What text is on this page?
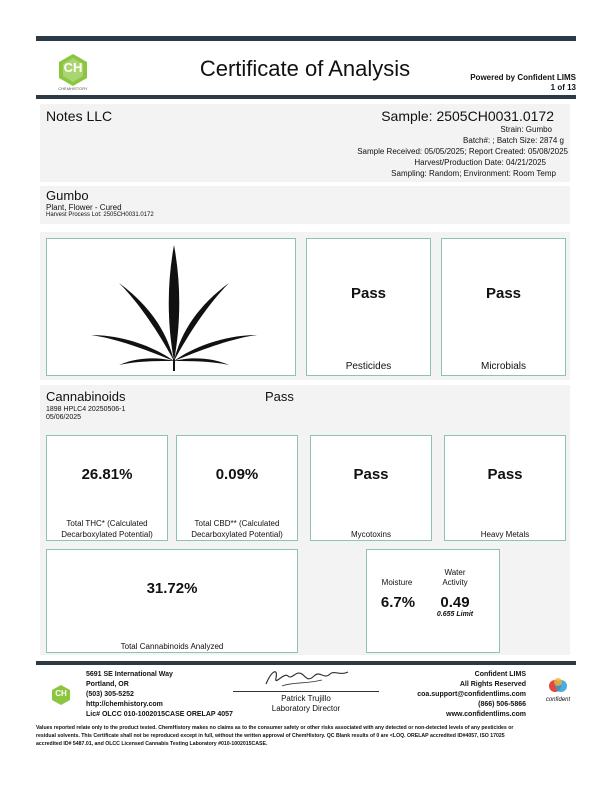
CH
CHEMHISTORY
Certificate of Analysis	Powered by Confident LIMS
1 of 13
Notes LLC	Sample: 2505CH0031.0172
Strain: Gumbo
Batch#: ; Batch Size: 2874 g
Sample Received: 05/05/2025; Report Created: 05/08/2025
Harvest/Production Date: 04/21/2025
Sampling: Random; Environment: Room Temp
Gumbo
Plant, Flower - Cured
Harvest Process Lot: 2505CH0031.0172
Pass
Pesticides
Pass
Microbials
Cannabinoids	Pass
1898 HPLC4 20250506-1
05/06/2025
26.81%
Total THC* (Calculated
Decarboxylated Potential)
0.09%
Total CBD** (Calculated
Decarboxylated Potential)
Pass
Mycotoxins
Pass
Heavy Metals
31.72%
Total Cannabinoids Analyzed
Moisture
6.7%
Water
Activity
0.49
0.655 Limit
CH
5691 SE International Way
Portland, OR
(503) 305-5252
http://chemhistory.com
Lic# OLCC 010-1002015CASE ORELAP 4057
Patrick Trujillo
Laboratory Director
Confident LIMS
All Rights Reserved
coa.support@confidentlims.com
(866) 506-5866
www.confidentlims.com
confident
Values reported relate only to the product tested. ChemHistory makes no claims as to the consumer safety or other risks associated with any detected or non-detected levels of any pesticides or
residual solvents. This Certificate shall not be reproduced except in full, without the written approval of ChemHistory. QC Blank results of 0 are <LOQ. ORELAP accredited ID#4057, ISO 17025
accredited ID# 5487.01, and OLCC Licensed Cannabis Testing Laboratory #010-1002015CASE.
